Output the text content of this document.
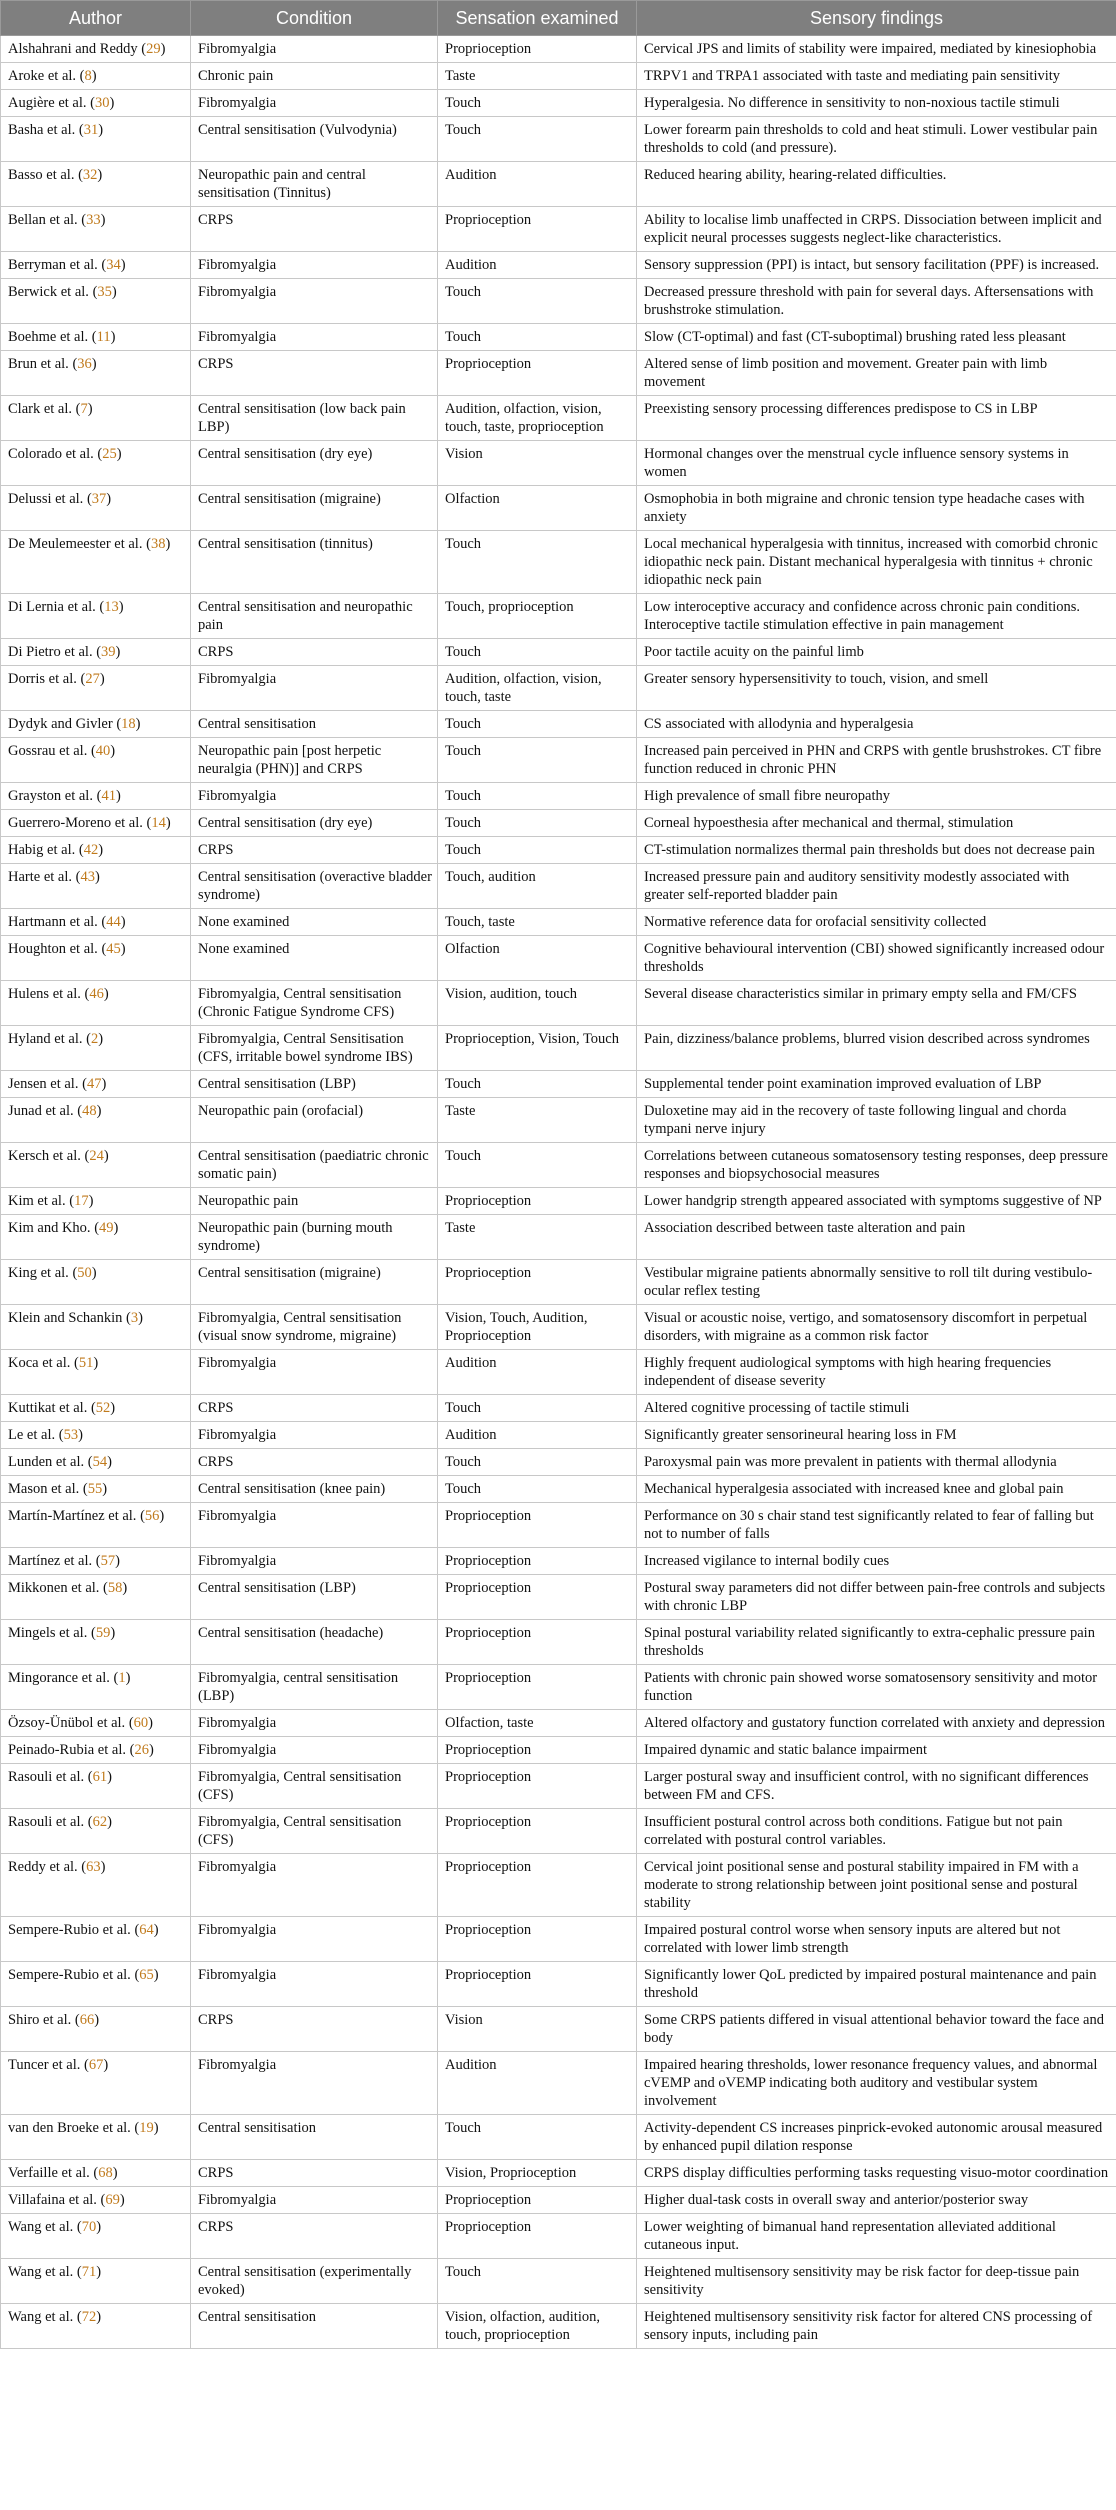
Author	Condition	Sensation examined	Sensory findings
Alshahrani and Reddy (29)	Fibromyalgia	Proprioception	Cervical JPS and limits of stability were impaired, mediated by kinesiophobia
Aroke et al. (8)	Chronic pain	Taste	TRPV1 and TRPA1 associated with taste and mediating pain sensitivity
Augière et al. (30)	Fibromyalgia	Touch	Hyperalgesia. No difference in sensitivity to non-noxious tactile stimuli
Basha et al. (31)	Central sensitisation (Vulvodynia)	Touch	Lower forearm pain thresholds to cold and heat stimuli. Lower vestibular pain thresholds to cold (and pressure).
Basso et al. (32)	Neuropathic pain and central sensitisation (Tinnitus)	Audition	Reduced hearing ability, hearing-related difficulties.
Bellan et al. (33)	CRPS	Proprioception	Ability to localise limb unaffected in CRPS. Dissociation between implicit and explicit neural processes suggests neglect-like characteristics.
Berryman et al. (34)	Fibromyalgia	Audition	Sensory suppression (PPI) is intact, but sensory facilitation (PPF) is increased.
Berwick et al. (35)	Fibromyalgia	Touch	Decreased pressure threshold with pain for several days. Aftersensations with brushstroke stimulation.
Boehme et al. (11)	Fibromyalgia	Touch	Slow (CT-optimal) and fast (CT-suboptimal) brushing rated less pleasant
Brun et al. (36)	CRPS	Proprioception	Altered sense of limb position and movement. Greater pain with limb movement
Clark et al. (7)	Central sensitisation (low back pain LBP)	Audition, olfaction, vision, touch, taste, proprioception	Preexisting sensory processing differences predispose to CS in LBP
Colorado et al. (25)	Central sensitisation (dry eye)	Vision	Hormonal changes over the menstrual cycle influence sensory systems in women
Delussi et al. (37)	Central sensitisation (migraine)	Olfaction	Osmophobia in both migraine and chronic tension type headache cases with anxiety
De Meulemeester et al. (38)	Central sensitisation (tinnitus)	Touch	Local mechanical hyperalgesia with tinnitus, increased with comorbid chronic idiopathic neck pain. Distant mechanical hyperalgesia with tinnitus + chronic idiopathic neck pain
Di Lernia et al. (13)	Central sensitisation and neuropathic pain	Touch, proprioception	Low interoceptive accuracy and confidence across chronic pain conditions. Interoceptive tactile stimulation effective in pain management
Di Pietro et al. (39)	CRPS	Touch	Poor tactile acuity on the painful limb
Dorris et al. (27)	Fibromyalgia	Audition, olfaction, vision, touch, taste	Greater sensory hypersensitivity to touch, vision, and smell
Dydyk and Givler (18)	Central sensitisation	Touch	CS associated with allodynia and hyperalgesia
Gossrau et al. (40)	Neuropathic pain [post herpetic neuralgia (PHN)] and CRPS	Touch	Increased pain perceived in PHN and CRPS with gentle brushstrokes. CT fibre function reduced in chronic PHN
Grayston et al. (41)	Fibromyalgia	Touch	High prevalence of small fibre neuropathy
Guerrero-Moreno et al. (14)	Central sensitisation (dry eye)	Touch	Corneal hypoesthesia after mechanical and thermal, stimulation
Habig et al. (42)	CRPS	Touch	CT-stimulation normalizes thermal pain thresholds but does not decrease pain
Harte et al. (43)	Central sensitisation (overactive bladder syndrome)	Touch, audition	Increased pressure pain and auditory sensitivity modestly associated with greater self-reported bladder pain
Hartmann et al. (44)	None examined	Touch, taste	Normative reference data for orofacial sensitivity collected
Houghton et al. (45)	None examined	Olfaction	Cognitive behavioural intervention (CBI) showed significantly increased odour thresholds
Hulens et al. (46)	Fibromyalgia, Central sensitisation (Chronic Fatigue Syndrome CFS)	Vision, audition, touch	Several disease characteristics similar in primary empty sella and FM/CFS
Hyland et al. (2)	Fibromyalgia, Central Sensitisation (CFS, irritable bowel syndrome IBS)	Proprioception, Vision, Touch	Pain, dizziness/balance problems, blurred vision described across syndromes
Jensen et al. (47)	Central sensitisation (LBP)	Touch	Supplemental tender point examination improved evaluation of LBP
Junad et al. (48)	Neuropathic pain (orofacial)	Taste	Duloxetine may aid in the recovery of taste following lingual and chorda tympani nerve injury
Kersch et al. (24)	Central sensitisation (paediatric chronic somatic pain)	Touch	Correlations between cutaneous somatosensory testing responses, deep pressure responses and biopsychosocial measures
Kim et al. (17)	Neuropathic pain	Proprioception	Lower handgrip strength appeared associated with symptoms suggestive of NP
Kim and Kho. (49)	Neuropathic pain (burning mouth syndrome)	Taste	Association described between taste alteration and pain
King et al. (50)	Central sensitisation (migraine)	Proprioception	Vestibular migraine patients abnormally sensitive to roll tilt during vestibulo-ocular reflex testing
Klein and Schankin (3)	Fibromyalgia, Central sensitisation (visual snow syndrome, migraine)	Vision, Touch, Audition, Proprioception	Visual or acoustic noise, vertigo, and somatosensory discomfort in perpetual disorders, with migraine as a common risk factor
Koca et al. (51)	Fibromyalgia	Audition	Highly frequent audiological symptoms with high hearing frequencies independent of disease severity
Kuttikat et al. (52)	CRPS	Touch	Altered cognitive processing of tactile stimuli
Le et al. (53)	Fibromyalgia	Audition	Significantly greater sensorineural hearing loss in FM
Lunden et al. (54)	CRPS	Touch	Paroxysmal pain was more prevalent in patients with thermal allodynia
Mason et al. (55)	Central sensitisation (knee pain)	Touch	Mechanical hyperalgesia associated with increased knee and global pain
Martín-Martínez et al. (56)	Fibromyalgia	Proprioception	Performance on 30 s chair stand test significantly related to fear of falling but not to number of falls
Martínez et al. (57)	Fibromyalgia	Proprioception	Increased vigilance to internal bodily cues
Mikkonen et al. (58)	Central sensitisation (LBP)	Proprioception	Postural sway parameters did not differ between pain-free controls and subjects with chronic LBP
Mingels et al. (59)	Central sensitisation (headache)	Proprioception	Spinal postural variability related significantly to extra-cephalic pressure pain thresholds
Mingorance et al. (1)	Fibromyalgia, central sensitisation (LBP)	Proprioception	Patients with chronic pain showed worse somatosensory sensitivity and motor function
Özsoy-Ünübol et al. (60)	Fibromyalgia	Olfaction, taste	Altered olfactory and gustatory function correlated with anxiety and depression
Peinado-Rubia et al. (26)	Fibromyalgia	Proprioception	Impaired dynamic and static balance impairment
Rasouli et al. (61)	Fibromyalgia, Central sensitisation (CFS)	Proprioception	Larger postural sway and insufficient control, with no significant differences between FM and CFS.
Rasouli et al. (62)	Fibromyalgia, Central sensitisation (CFS)	Proprioception	Insufficient postural control across both conditions. Fatigue but not pain correlated with postural control variables.
Reddy et al. (63)	Fibromyalgia	Proprioception	Cervical joint positional sense and postural stability impaired in FM with a moderate to strong relationship between joint positional sense and postural stability
Sempere-Rubio et al. (64)	Fibromyalgia	Proprioception	Impaired postural control worse when sensory inputs are altered but not correlated with lower limb strength
Sempere-Rubio et al. (65)	Fibromyalgia	Proprioception	Significantly lower QoL predicted by impaired postural maintenance and pain threshold
Shiro et al. (66)	CRPS	Vision	Some CRPS patients differed in visual attentional behavior toward the face and body
Tuncer et al. (67)	Fibromyalgia	Audition	Impaired hearing thresholds, lower resonance frequency values, and abnormal cVEMP and oVEMP indicating both auditory and vestibular system involvement
van den Broeke et al. (19)	Central sensitisation	Touch	Activity-dependent CS increases pinprick-evoked autonomic arousal measured by enhanced pupil dilation response
Verfaille et al. (68)	CRPS	Vision, Proprioception	CRPS display difficulties performing tasks requesting visuo-motor coordination
Villafaina et al. (69)	Fibromyalgia	Proprioception	Higher dual-task costs in overall sway and anterior/posterior sway
Wang et al. (70)	CRPS	Proprioception	Lower weighting of bimanual hand representation alleviated additional cutaneous input.
Wang et al. (71)	Central sensitisation (experimentally evoked)	Touch	Heightened multisensory sensitivity may be risk factor for deep-tissue pain sensitivity
Wang et al. (72)	Central sensitisation	Vision, olfaction, audition, touch, proprioception	Heightened multisensory sensitivity risk factor for altered CNS processing of sensory inputs, including pain
